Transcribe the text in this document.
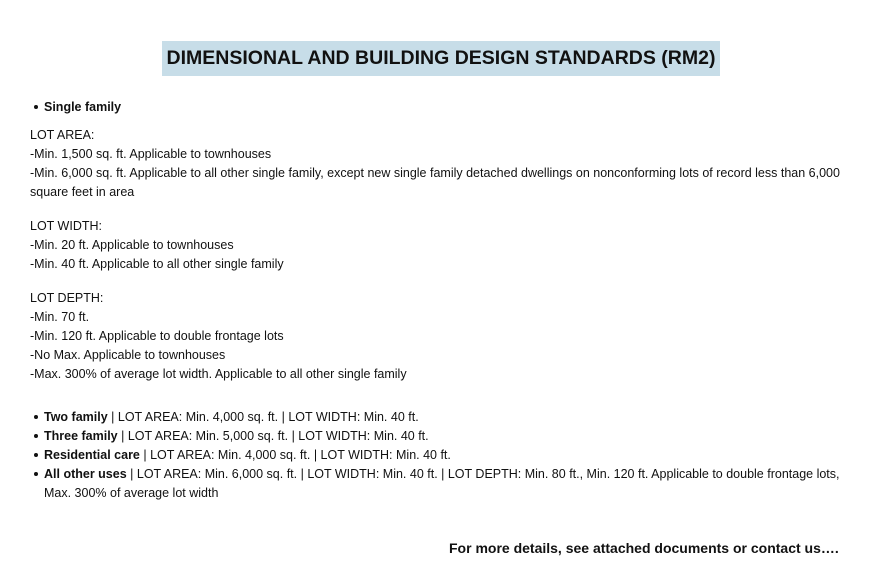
DIMENSIONAL AND BUILDING DESIGN STANDARDS (RM2)
Single family
LOT AREA:
-Min. 1,500 sq. ft. Applicable to townhouses
-Min. 6,000 sq. ft. Applicable to all other single family, except new single family detached dwellings on nonconforming lots of record less than 6,000 square feet in area
LOT WIDTH:
-Min. 20 ft. Applicable to townhouses
-Min. 40 ft. Applicable to all other single family
LOT DEPTH:
-Min. 70 ft.
-Min. 120 ft. Applicable to double frontage lots
-No Max. Applicable to townhouses
-Max. 300% of average lot width. Applicable to all other single family
Two family | LOT AREA: Min. 4,000 sq. ft. | LOT WIDTH: Min. 40 ft.
Three family | LOT AREA: Min. 5,000 sq. ft. | LOT WIDTH: Min. 40 ft.
Residential care | LOT AREA: Min. 4,000 sq. ft. | LOT WIDTH: Min. 40 ft.
All other uses | LOT AREA: Min. 6,000 sq. ft. | LOT WIDTH: Min. 40 ft. | LOT DEPTH: Min. 80 ft., Min. 120 ft. Applicable to double frontage lots, Max. 300% of average lot width
For more details, see attached documents or contact us….
